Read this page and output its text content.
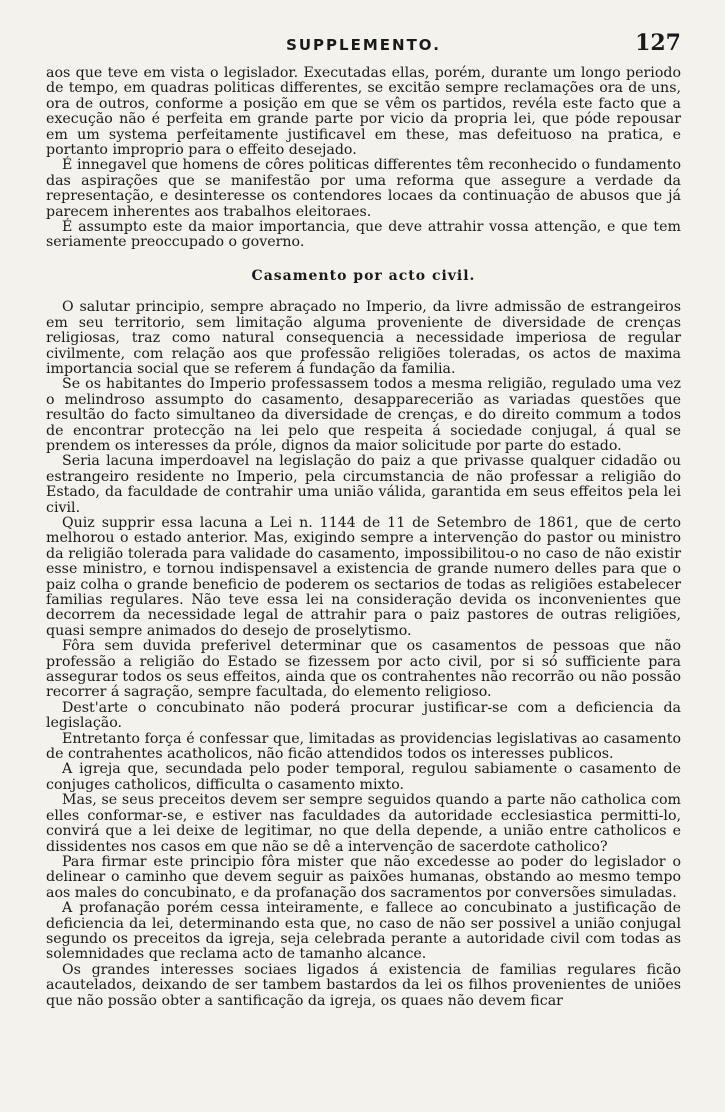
SUPPLEMENTO.	127

aos que teve em vista o legislador. Executadas ellas, porém, durante um longo periodo de tempo, em quadras politicas differentes, se excitão sempre reclamações ora de uns, ora de outros, conforme a posição em que se vêm os partidos, revéla este facto que a execução não é perfeita em grande parte por vicio da propria lei, que póde repousar em um systema perfeitamente justificavel em these, mas defeituoso na pratica, e portanto improprio para o effeito desejado.

É innegavel que homens de côres politicas differentes têm reconhecido o fundamento das aspirações que se manifestão por uma reforma que assegure a verdade da representação, e desinteresse os contendores locaes da continuação de abusos que já parecem inherentes aos trabalhos eleitoraes.

É assumpto este da maior importancia, que deve attrahir vossa attenção, e que tem seriamente preoccupado o governo.

Casamento por acto civil.

O salutar principio, sempre abraçado no Imperio, da livre admissão de estrangeiros em seu territorio, sem limitação alguma proveniente de diversidade de crenças religiosas, traz como natural consequencia a necessidade imperiosa de regular civilmente, com relação aos que professão religiões toleradas, os actos de maxima importancia social que se referem á fundação da familia.

Se os habitantes do Imperio professassem todos a mesma religião, regulado uma vez o melindroso assumpto do casamento, desapparecerião as variadas questões que resultão do facto simultaneo da diversidade de crenças, e do direito commum a todos de encontrar protecção na lei pelo que respeita á sociedade conjugal, á qual se prendem os interesses da próle, dignos da maior solicitude por parte do estado.

Seria lacuna imperdoavel na legislação do paiz a que privasse qualquer cidadão ou estrangeiro residente no Imperio, pela circumstancia de não professar a religião do Estado, da faculdade de contrahir uma união válida, garantida em seus effeitos pela lei civil.

Quiz supprir essa lacuna a Lei n. 1144 de 11 de Setembro de 1861, que de certo melhorou o estado anterior. Mas, exigindo sempre a intervenção do pastor ou ministro da religião tolerada para validade do casamento, impossibilitou-o no caso de não existir esse ministro, e tornou indispensavel a existencia de grande numero delles para que o paiz colha o grande beneficio de poderem os sectarios de todas as religiões estabelecer familias regulares. Não teve essa lei na consideração devida os inconvenientes que decorrem da necessidade legal de attrahir para o paiz pastores de outras religiões, quasi sempre animados do desejo de proselytismo.

Fôra sem duvida preferivel determinar que os casamentos de pessoas que não professão a religião do Estado se fizessem por acto civil, por si só sufficiente para assegurar todos os seus effeitos, ainda que os contrahentes não recorrão ou não possão recorrer á sagração, sempre facultada, do elemento religioso.

Dest'arte o concubinato não poderá procurar justificar-se com a deficiencia da legislação.

Entretanto força é confessar que, limitadas as providencias legislativas ao casamento de contrahentes acatholicos, não ficão attendidos todos os interesses publicos.

A igreja que, secundada pelo poder temporal, regulou sabiamente o casamento de conjuges catholicos, difficulta o casamento mixto.

Mas, se seus preceitos devem ser sempre seguidos quando a parte não catholica com elles conformar-se, e estiver nas faculdades da autoridade ecclesiastica permitti-lo, convirá que a lei deixe de legitimar, no que della depende, a união entre catholicos e dissidentes nos casos em que não se dê a intervenção de sacerdote catholico?

Para firmar este principio fôra mister que não excedesse ao poder do legislador o delinear o caminho que devem seguir as paixões humanas, obstando ao mesmo tempo aos males do concubinato, e da profanação dos sacramentos por conversões simuladas.

A profanação porém cessa inteiramente, e fallece ao concubinato a justificação de deficiencia da lei, determinando esta que, no caso de não ser possivel a união conjugal segundo os preceitos da igreja, seja celebrada perante a autoridade civil com todas as solemnidades que reclama acto de tamanho alcance.

Os grandes interesses sociaes ligados á existencia de familias regulares ficão acautelados, deixando de ser tambem bastardos da lei os filhos provenientes de uniões que não possão obter a santificação da igreja, os quaes não devem ficar
